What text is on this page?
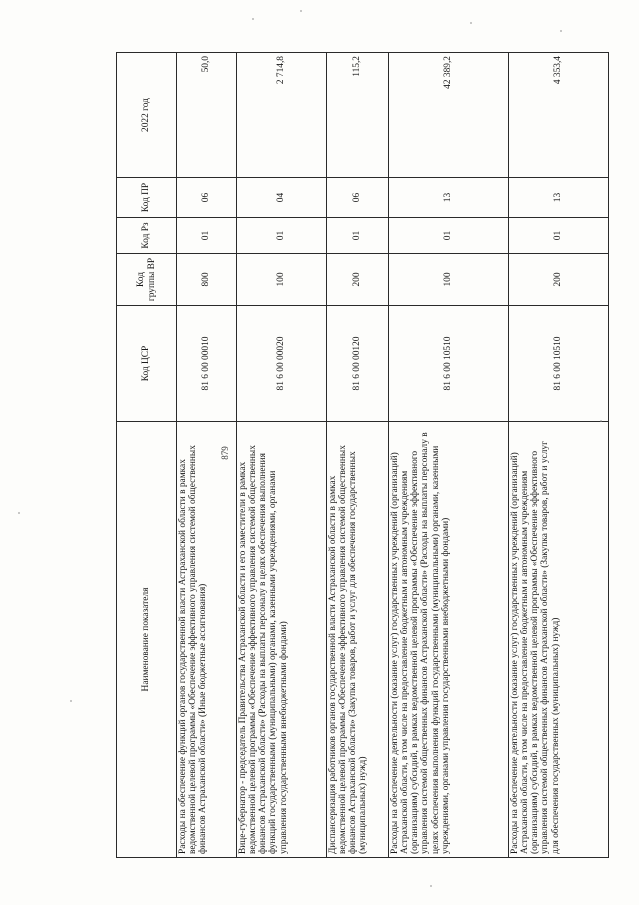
879
Наименование показателя	Код ЦСР	Код группы ВР	Код Рз	Код ПР	2022 год
Расходы на обеспечение функций органов государственной власти Астраханской области в рамках ведомственной целевой программы «Обеспечение эффективного управления системой общественных финансов Астраханской области» (Иные бюджетные ассигнования)	81 6 00 00010	800	01	06	50,0
Вице-губернатор - председатель Правительства Астраханской области и его заместители в рамках ведомственной целевой программы «Обеспечение эффективного управления системой общественных финансов Астраханской области» (Расходы на выплаты персоналу в целях обеспечения выполнения функций государственными (муниципальными) органами, казенными учреждениями, органами управления государственными внебюджетными фондами)	81 6 00 00020	100	01	04	2 714,8
Диспансеризация работников органов государственной власти Астраханской области в рамках ведомственной целевой программы «Обеспечение эффективного управления системой общественных финансов Астраханской области» (Закупка товаров, работ и услуг для обеспечения государственных (муниципальных) нужд)	81 6 00 00120	200	01	06	115,2
Расходы на обеспечение деятельности (оказание услуг) государственных учреждений (организаций) Астраханской области, в том числе на предоставление бюджетным и автономным учреждениям (организациям) субсидий, в рамках ведомственной целевой программы «Обеспечение эффективного управления системой общественных финансов Астраханской области» (Расходы на выплаты персоналу в целях обеспечения выполнения функций государственными (муниципальными) органами, казенными учреждениями, органами управления государственными внебюджетными фондами)	81 6 00 10510	100	01	13	42 389,2
Расходы на обеспечение деятельности (оказание услуг) государственных учреждений (организаций) Астраханской области, в том числе на предоставление бюджетным и автономным учреждениям (организациям) субсидий, в рамках ведомственной целевой программы «Обеспечение эффективного управления системой общественных финансов Астраханской области» (Закупка товаров, работ и услуг для обеспечения государственных (муниципальных) нужд)	81 6 00 10510	200	01	13	4 353,4
